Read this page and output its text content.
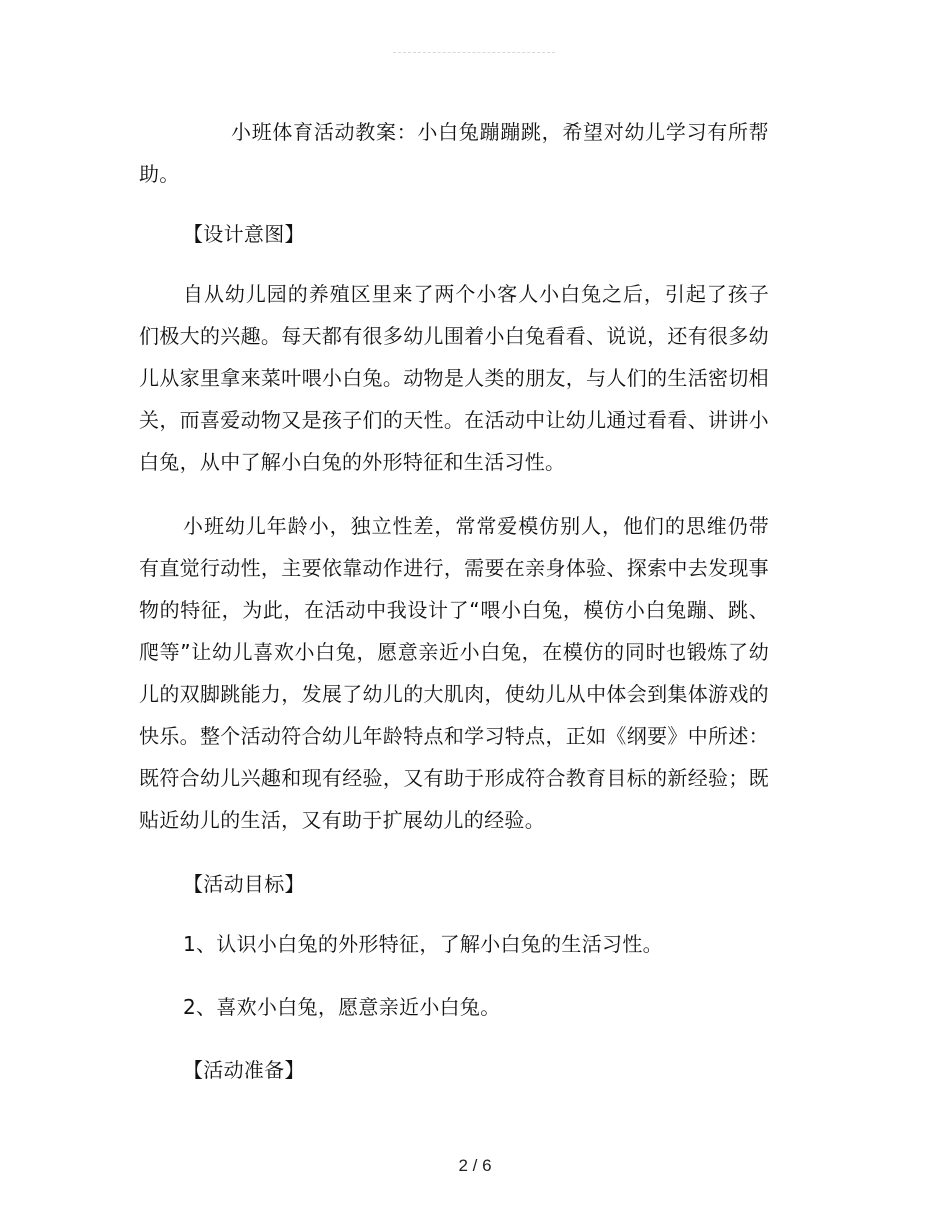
小班体育活动教案：小白兔蹦蹦跳，希望对幼儿学习有所帮助。

【设计意图】

自从幼儿园的养殖区里来了两个小客人小白兔之后，引起了孩子们极大的兴趣。每天都有很多幼儿围着小白兔看看、说说，还有很多幼儿从家里拿来菜叶喂小白兔。动物是人类的朋友，与人们的生活密切相关，而喜爱动物又是孩子们的天性。在活动中让幼儿通过看看、讲讲小白兔，从中了解小白兔的外形特征和生活习性。

小班幼儿年龄小，独立性差，常常爱模仿别人，他们的思维仍带有直觉行动性，主要依靠动作进行，需要在亲身体验、探索中去发现事物的特征，为此，在活动中我设计了“喂小白兔，模仿小白兔蹦、跳、爬等”让幼儿喜欢小白兔，愿意亲近小白兔，在模仿的同时也锻炼了幼儿的双脚跳能力，发展了幼儿的大肌肉，使幼儿从中体会到集体游戏的快乐。整个活动符合幼儿年龄特点和学习特点，正如《纲要》中所述：既符合幼儿兴趣和现有经验，又有助于形成符合教育目标的新经验；既贴近幼儿的生活，又有助于扩展幼儿的经验。

【活动目标】

1、认识小白兔的外形特征，了解小白兔的生活习性。

2、喜欢小白兔，愿意亲近小白兔。

【活动准备】

2 / 6
